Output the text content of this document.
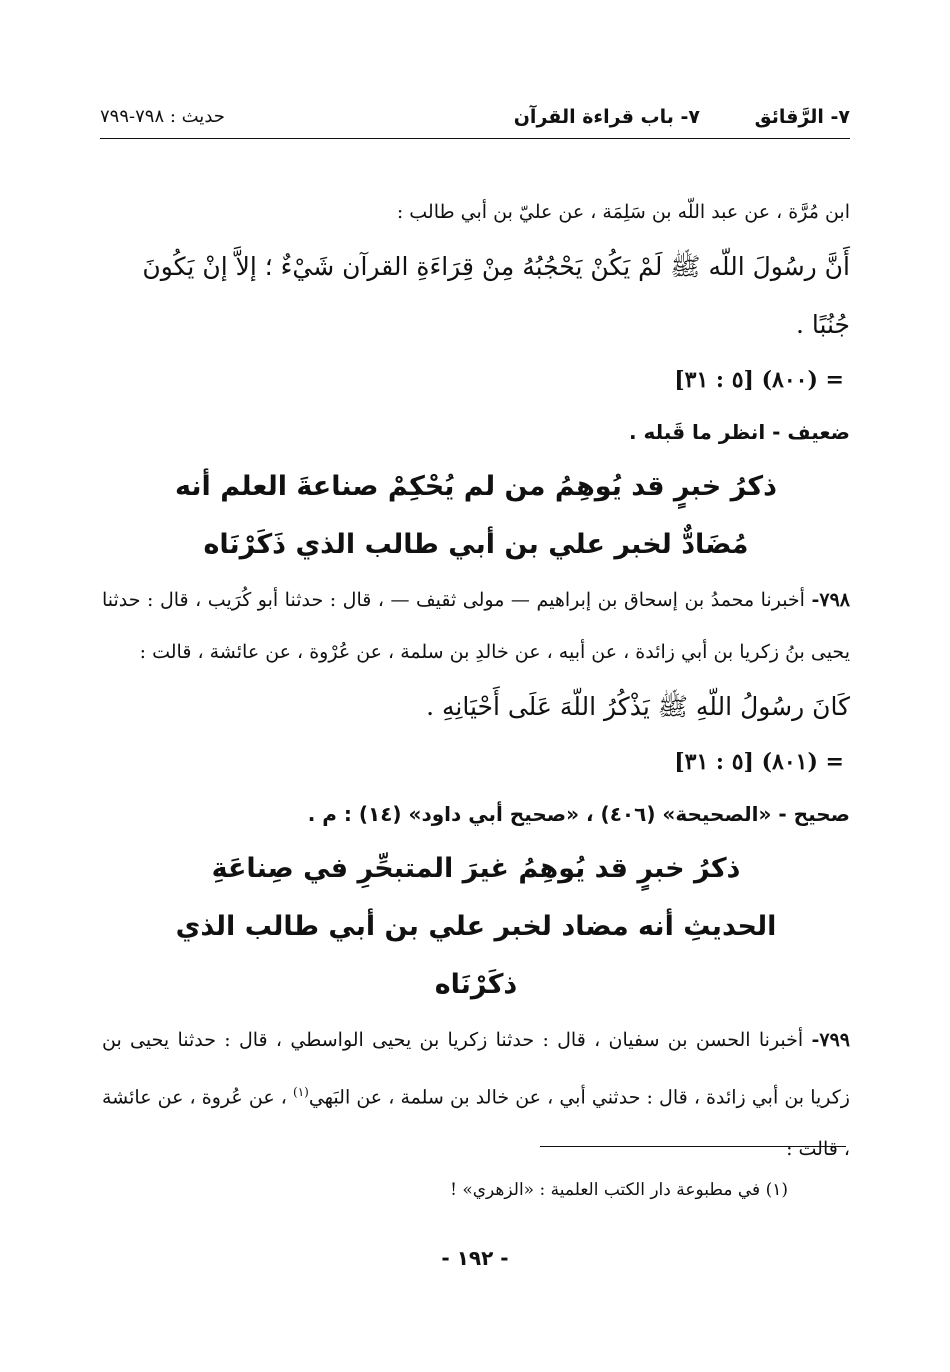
٧- الرَّقائق
٧- باب قراءة القرآن
حديث : ٧٩٨-٧٩٩

ابن مُرَّة ، عن عبد اللّه بن سَلِمَة ، عن عليّ بن أبي طالب :

أَنَّ رسُولَ اللّه ﷺ لَمْ يَكُنْ يَحْجُبُهُ مِنْ قِرَاءَةِ القرآن شَيْءٌ ؛ إلاَّ إنْ يَكُونَ جُنُبًا .

= (٨٠٠) [٥ : ٣١]

ضعيف - انظر ما قَبله .

ذكرُ خبرٍ قد يُوهِمُ من لم يُحْكِمْ صناعةَ العلم أنه مُضَادٌّ لخبر علي بن أبي طالب الذي ذَكَرْنَاه

٧٩٨- أخبرنا محمدُ بن إسحاق بن إبراهيم — مولى ثقيف — ، قال : حدثنا أبو كُرَيب ، قال : حدثنا يحيى بنُ زكريا بن أبي زائدة ، عن أبيه ، عن خالدِ بن سلمة ، عن عُرْوة ، عن عائشة ، قالت :

كَانَ رسُولُ اللّهِ ﷺ يَذْكُرُ اللّهَ عَلَى أَحْيَانِهِ .

= (٨٠١) [٥ : ٣١]

صحيح - «الصحيحة» (٤٠٦) ، «صحيح أبي داود» (١٤) : م .

ذكرُ خبرٍ قد يُوهِمُ غيرَ المتبحِّرِ في صِناعَةِ الحديثِ أنه مضاد لخبر علي بن أبي طالب الذي ذكَرْنَاه

٧٩٩- أخبرنا الحسن بن سفيان ، قال : حدثنا زكريا بن يحيى الواسطي ، قال : حدثنا يحيى بن زكريا بن أبي زائدة ، قال : حدثني أبي ، عن خالد بن سلمة ، عن البَهي$^{(١)}$ ، عن عُروة ، عن عائشة ، قالت :

(١) في مطبوعة دار الكتب العلمية : «الزهري» !

- ١٩٢ -
